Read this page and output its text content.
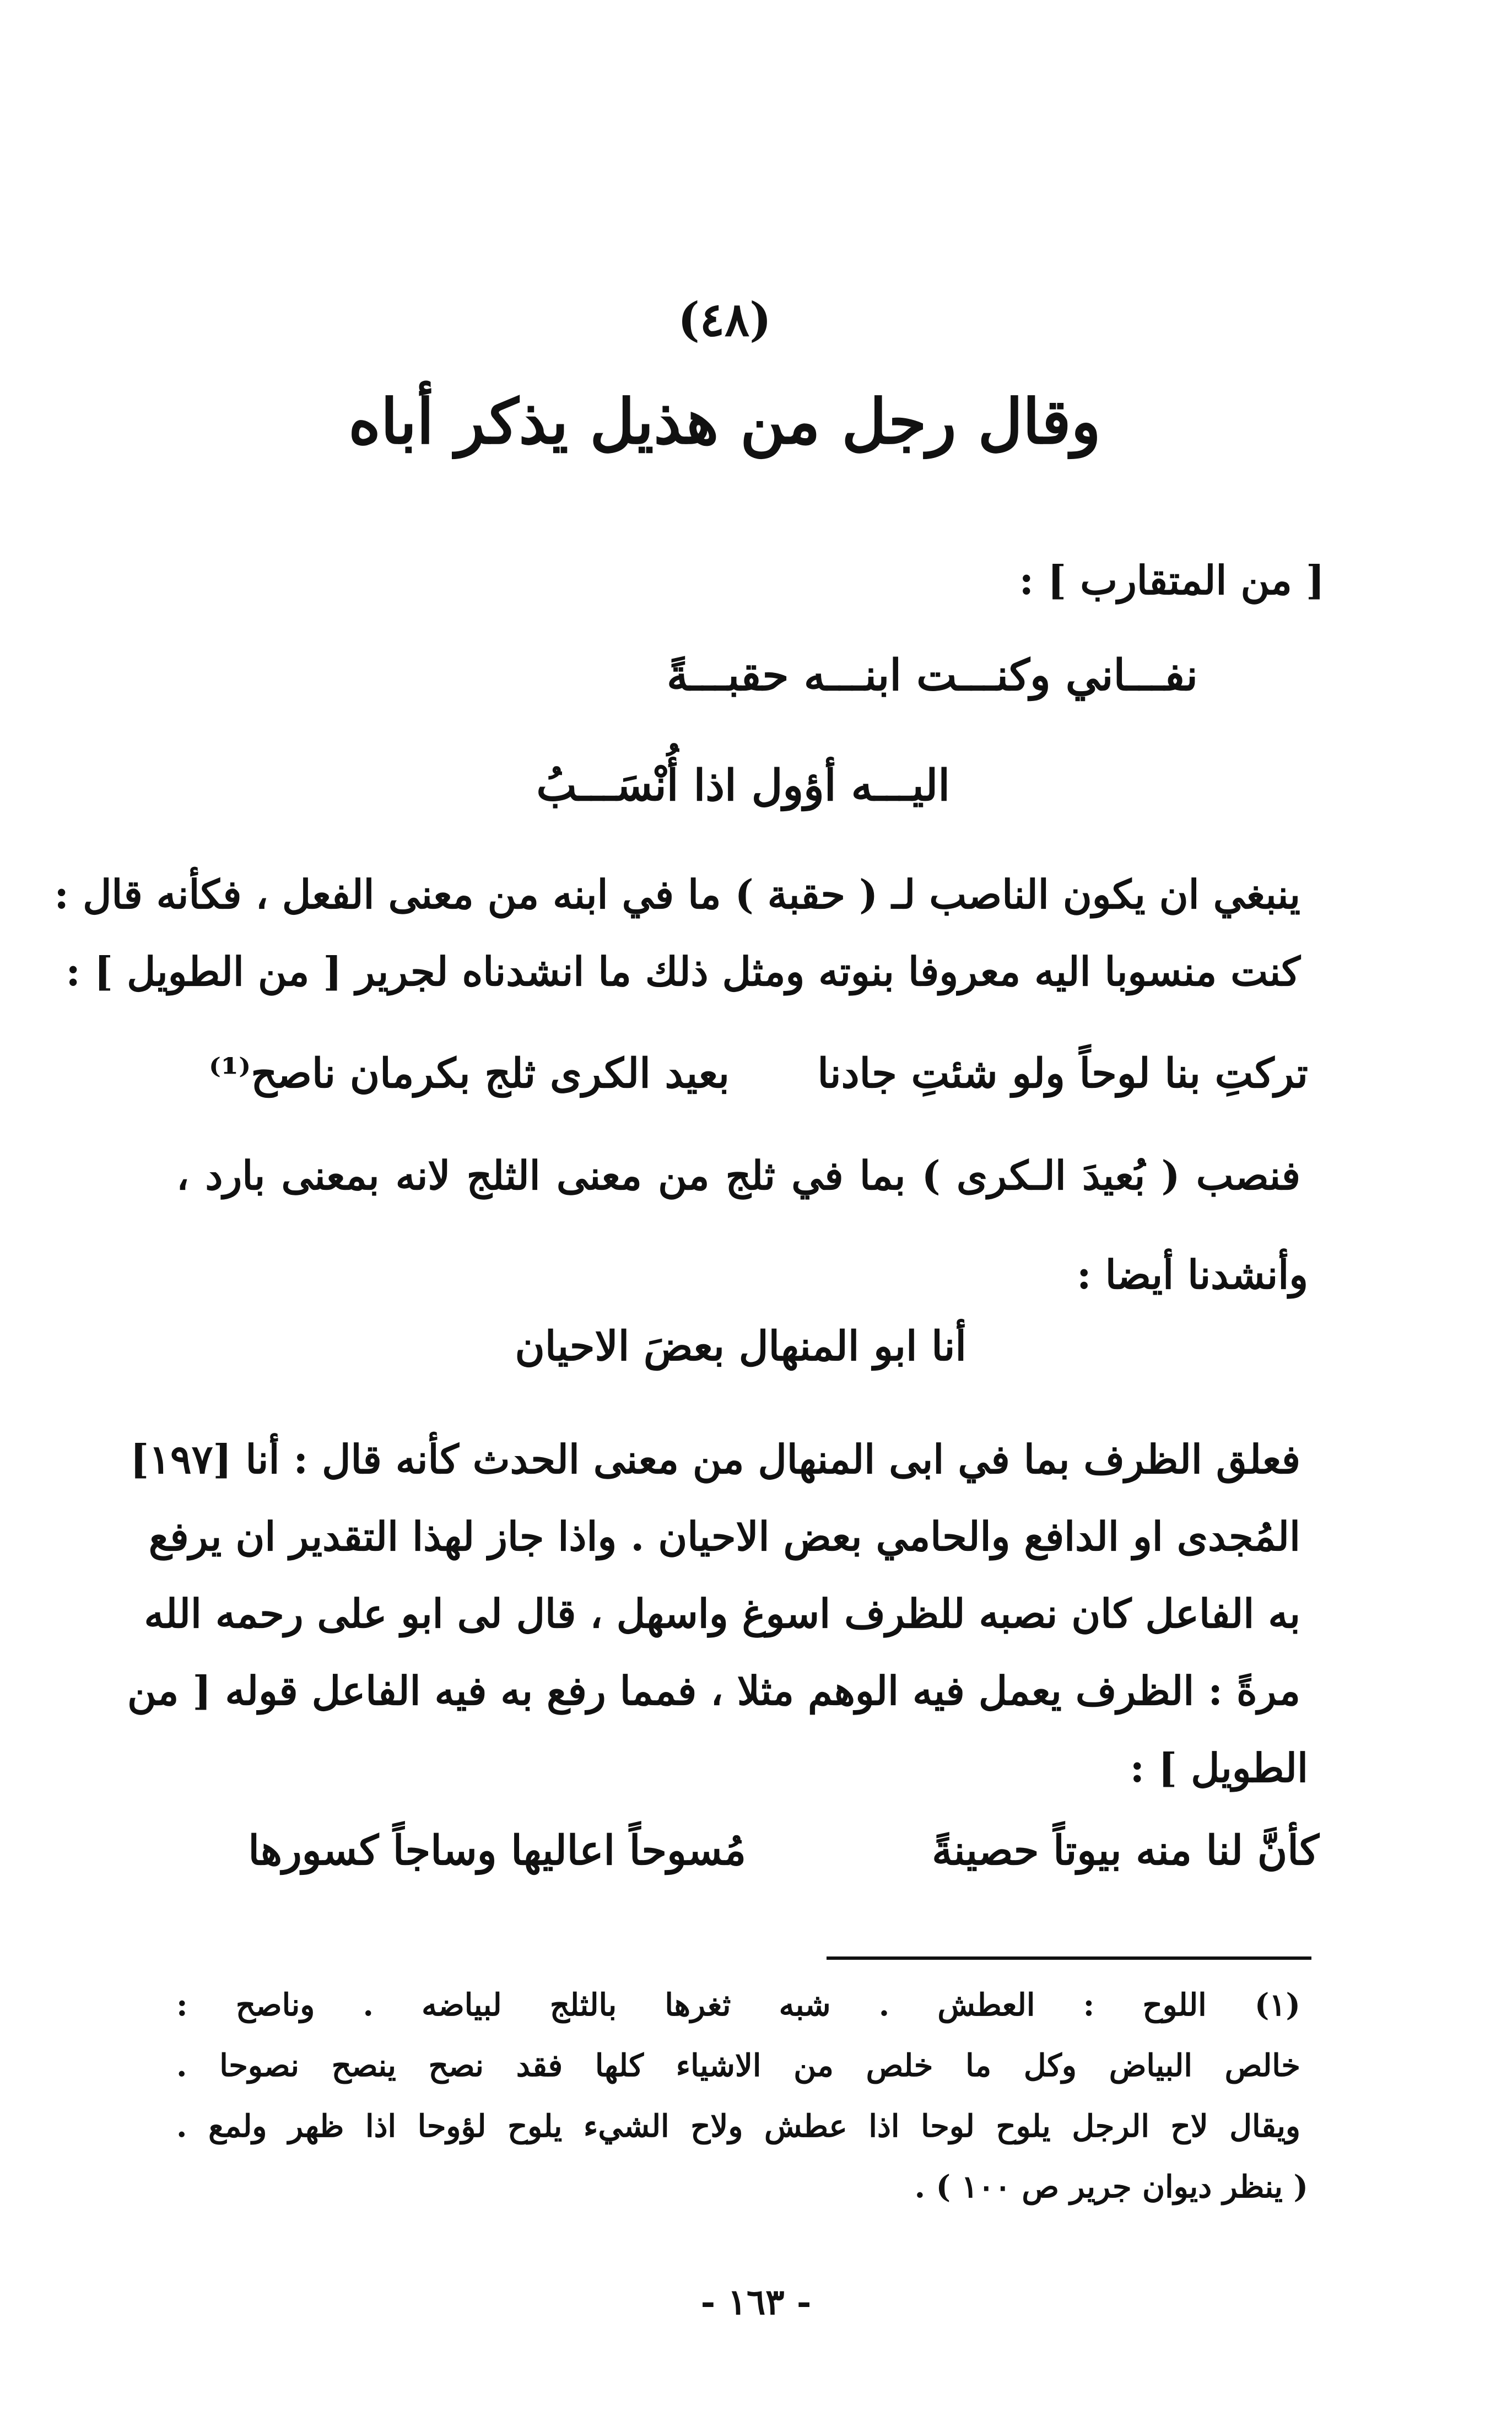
(٤٨)
وقال رجل من هذيل يذكر أباه
[ من المتقارب ] :
نفـــاني وكنـــت ابنـــه حقبـــةً
اليـــه أؤول اذا أُنْسَـــبُ
ينبغي ان يكون الناصب لـ ( حقبة ) ما في ابنه من معنى الفعل ، فكأنه قال :
كنت منسوبا اليه معروفا بنوته ومثل ذلك ما انشدناه لجرير [ من الطويل ] :
تركتِ بنا لوحاً ولو شئتِ جادنا
بعيد الكرى ثلج بكرمان ناصح⁽¹⁾
فنصب ( بُعيدَ الـكرى ) بما في ثلج من معنى الثلج لانه بمعنى بارد ،
وأنشدنا أيضا :
أنا ابو المنهال بعضَ الاحيان
فعلق الظرف بما في ابى المنهال من معنى الحدث كأنه قال : أنا [١٩٧]
المُجدى او الدافع والحامي بعض الاحيان . واذا جاز لهذا التقدير ان يرفع
به الفاعل كان نصبه للظرف اسوغ واسهل ، قال لى ابو على رحمه الله
مرةً : الظرف يعمل فيه الوهم مثلا ، فمما رفع به فيه الفاعل قوله [ من
الطويل ] :
كأنَّ لنا منه بيوتاً حصينةً
مُسوحاً اعاليها وساجاً كسورها
(١) اللوح : العطش . شبه ثغرها بالثلج لبياضه . وناصح :
خالص البياض وكل ما خلص من الاشياء كلها فقد نصح ينصح نصوحا .
ويقال لاح الرجل يلوح لوحا اذا عطش ولاح الشيء يلوح لؤوحا اذا ظهر ولمع .
( ينظر ديوان جرير ص ١٠٠ ) .
- ١٦٣ -
